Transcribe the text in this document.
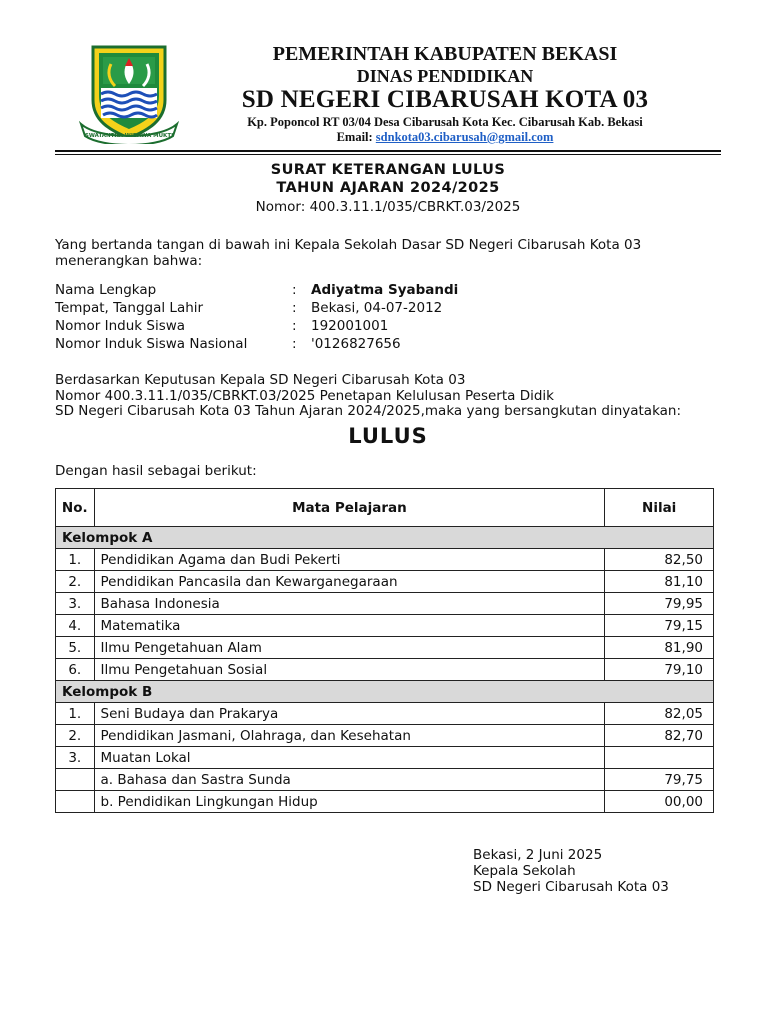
SWATANTRA WIBAWA MUKTI
PEMERINTAH KABUPATEN BEKASI
DINAS PENDIDIKAN
SD NEGERI CIBARUSAH KOTA 03
Kp. Poponcol RT 03/04 Desa Cibarusah Kota Kec. Cibarusah Kab. Bekasi
Email: sdnkota03.cibarusah@gmail.com
SURAT KETERANGAN LULUS
TAHUN AJARAN 2024/2025
Nomor: 400.3.11.1/035/CBRKT.03/2025
Yang bertanda tangan di bawah ini Kepala Sekolah Dasar SD Negeri Cibarusah Kota 03
menerangkan bahwa:
Nama Lengkap	: Adiyatma Syabandi
Tempat, Tanggal Lahir	: Bekasi, 04-07-2012
Nomor Induk Siswa	: 192001001
Nomor Induk Siswa Nasional	: '0126827656
Berdasarkan Keputusan Kepala SD Negeri Cibarusah Kota 03
Nomor 400.3.11.1/035/CBRKT.03/2025 Penetapan Kelulusan Peserta Didik
SD Negeri Cibarusah Kota 03 Tahun Ajaran 2024/2025,maka yang bersangkutan dinyatakan:
LULUS
Dengan hasil sebagai berikut:
No.	Mata Pelajaran	Nilai
Kelompok A		
1.	Pendidikan Agama dan Budi Pekerti	82,50
2.	Pendidikan Pancasila dan Kewarganegaraan	81,10
3.	Bahasa Indonesia	79,95
4.	Matematika	79,15
5.	Ilmu Pengetahuan Alam	81,90
6.	Ilmu Pengetahuan Sosial	79,10
Kelompok B		
1.	Seni Budaya dan Prakarya	82,05
2.	Pendidikan Jasmani, Olahraga, dan Kesehatan	82,70
3.	Muatan Lokal	
	a. Bahasa dan Sastra Sunda	79,75
	b. Pendidikan Lingkungan Hidup	00,00
Bekasi, 2 Juni 2025
Kepala Sekolah
SD Negeri Cibarusah Kota 03
